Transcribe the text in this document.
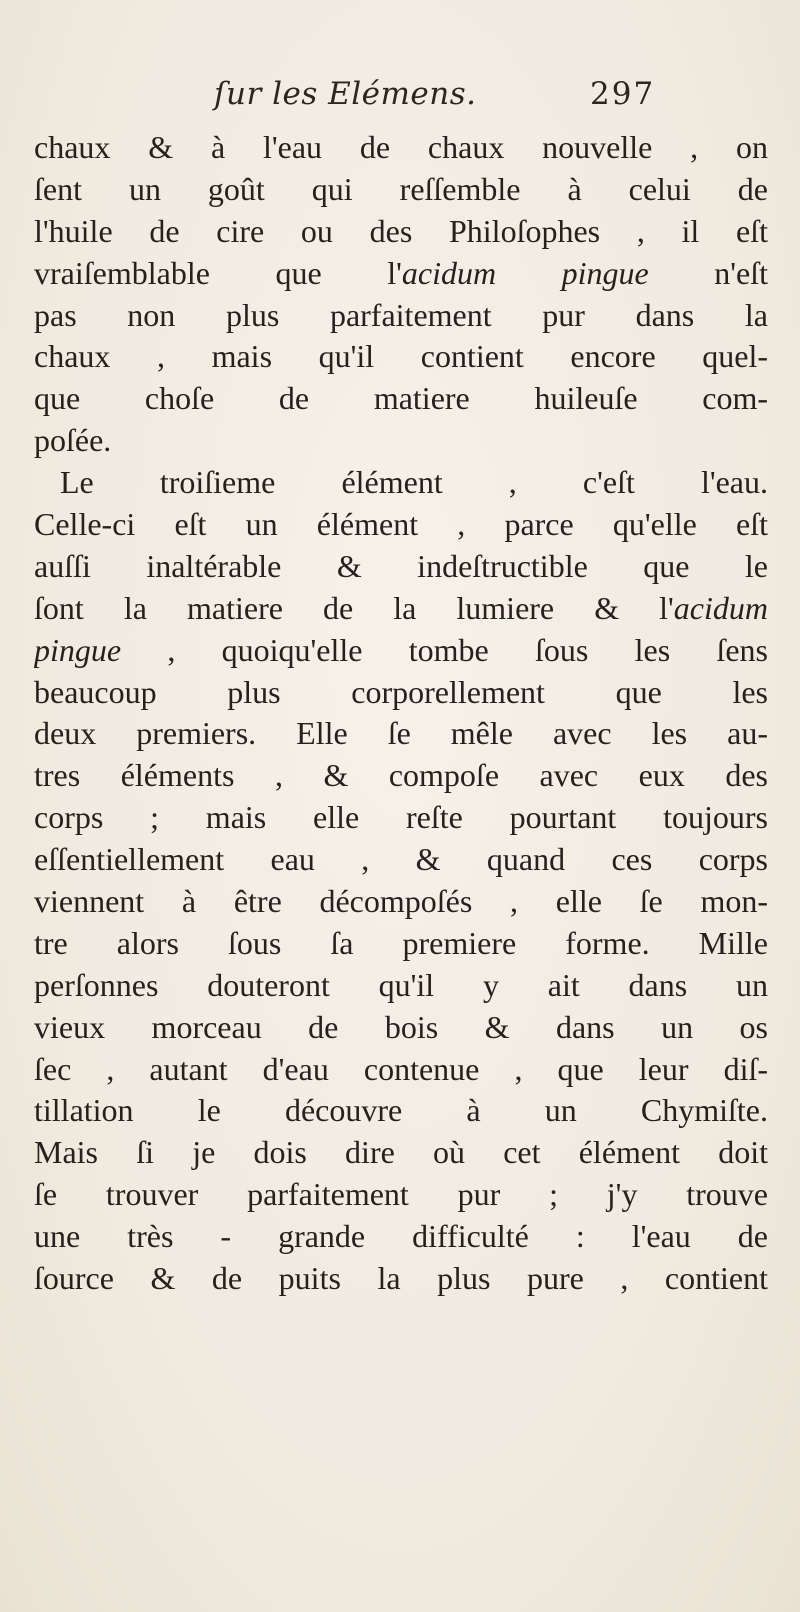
ſur les Elémens.	297
chaux & à l'eau de chaux nouvelle , on
ſent un goût qui reſſemble à celui de
l'huile de cire ou des Philoſophes , il eſt
vraiſemblable que l'acidum pingue n'eſt
pas non plus parfaitement pur dans la
chaux , mais qu'il contient encore quel-
que choſe de matiere huileuſe com-
poſée.
Le troiſieme élément , c'eſt l'eau.
Celle-ci eſt un élément , parce qu'elle eſt
auſſi inaltérable & indeſtructible que le
ſont la matiere de la lumiere & l'acidum
pingue , quoiqu'elle tombe ſous les ſens
beaucoup plus corporellement que les
deux premiers. Elle ſe mêle avec les au-
tres éléments , & compoſe avec eux des
corps ; mais elle reſte pourtant toujours
eſſentiellement eau , & quand ces corps
viennent à être décompoſés , elle ſe mon-
tre alors ſous ſa premiere forme. Mille
perſonnes douteront qu'il y ait dans un
vieux morceau de bois & dans un os
ſec , autant d'eau contenue , que leur diſ-
tillation le découvre à un Chymiſte.
Mais ſi je dois dire où cet élément doit
ſe trouver parfaitement pur ; j'y trouve
une très - grande difficulté : l'eau de
ſource & de puits la plus pure , contient
